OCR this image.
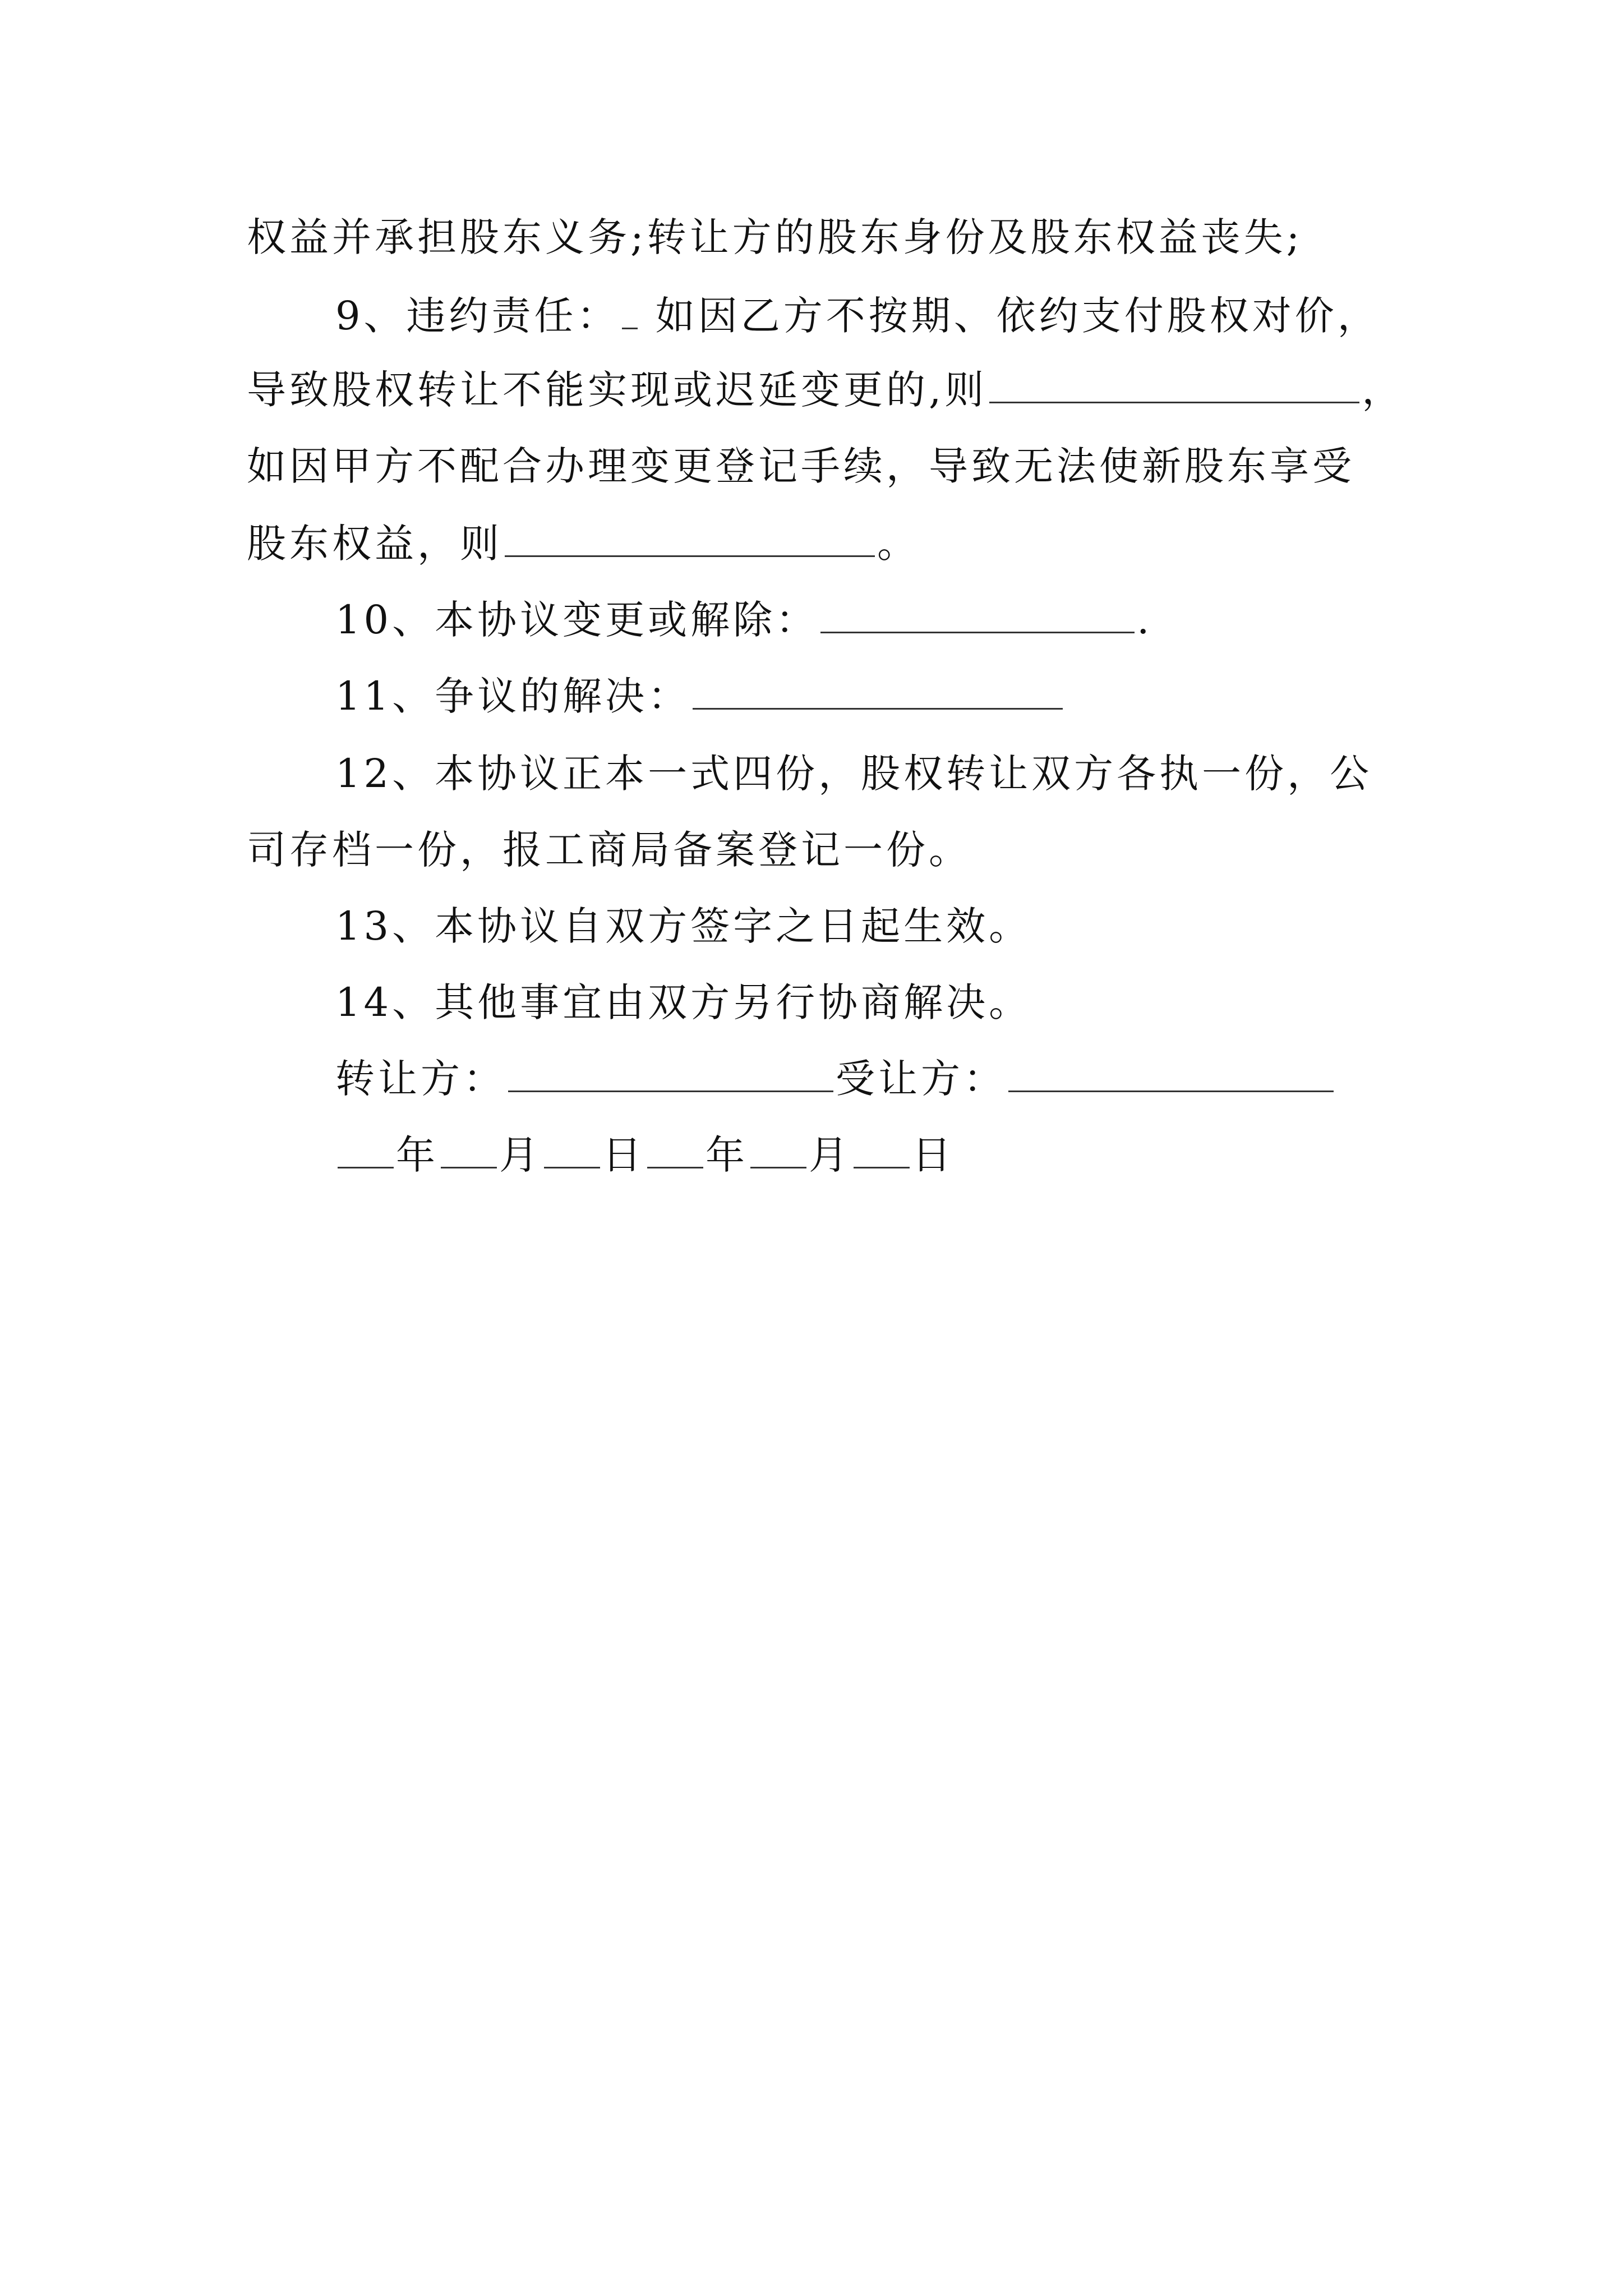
权益并承担股东义务;转让方的股东身份及股东权益丧失;
9、违约责任： 如因乙方不按期、依约支付股权对价，
导致股权转让不能实现或迟延变更的,则	，
如因甲方不配合办理变更登记手续，导致无法使新股东享受
股东权益，则	。
10、本协议变更或解除：	.
11、争议的解决：
12、本协议正本一式四份，股权转让双方各执一份，公
司存档一份，报工商局备案登记一份。
13、本协议自双方签字之日起生效。
14、其他事宜由双方另行协商解决。
转让方：	受让方：
年 月 日 年 月 日
